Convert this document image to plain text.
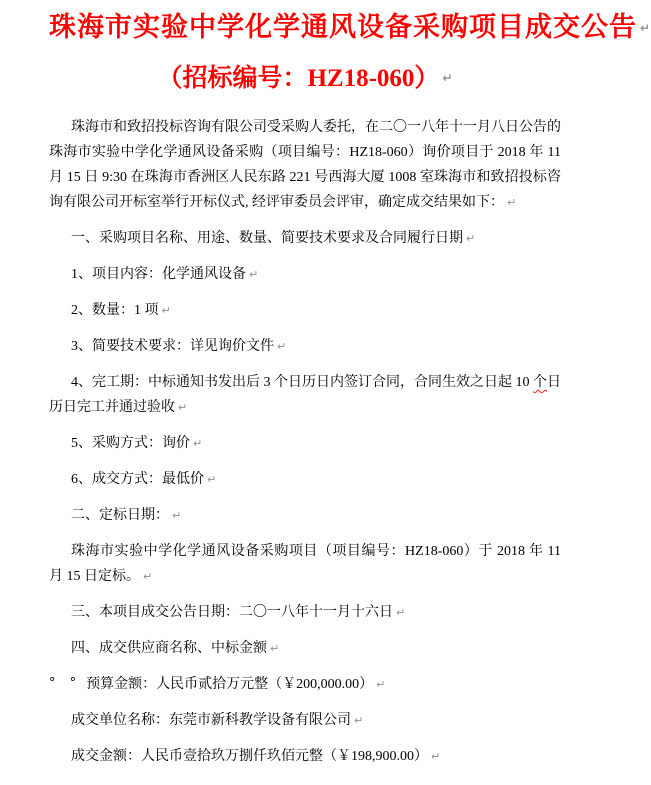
珠海市实验中学化学通风设备采购项目成交公告 ↵
（招标编号：HZ18-060） ↵

珠海市和致招投标咨询有限公司受采购人委托，在二〇一八年十一月八日公告的珠海市实验中学化学通风设备采购（项目编号：HZ18-060）询价项目于 2018 年 11 月 15 日 9:30 在珠海市香洲区人民东路 221 号西海大厦 1008 室珠海市和致招投标咨询有限公司开标室举行开标仪式, 经评审委员会评审，确定成交结果如下： ↵

一、采购项目名称、用途、数量、简要技术要求及合同履行日期 ↵

1、项目内容：化学通风设备 ↵

2、数量：1 项 ↵

3、简要技术要求：详见询价文件 ↵

4、完工期：中标通知书发出后 3 个日历日内签订合同，合同生效之日起 10 个日历日完工并通过验收 ↵

5、采购方式：询价 ↵

6、成交方式：最低价 ↵

二、定标日期： ↵

珠海市实验中学化学通风设备采购项目（项目编号：HZ18-060）于 2018 年 11 月 15 日定标。 ↵

三、本项目成交公告日期：二〇一八年十一月十六日 ↵

四、成交供应商名称、中标金额 ↵

° ° 预算金额：人民币贰拾万元整（￥200,000.00） ↵

成交单位名称：东莞市新科教学设备有限公司 ↵

成交金额：人民币壹拾玖万捌仟玖佰元整（￥198,900.00） ↵
